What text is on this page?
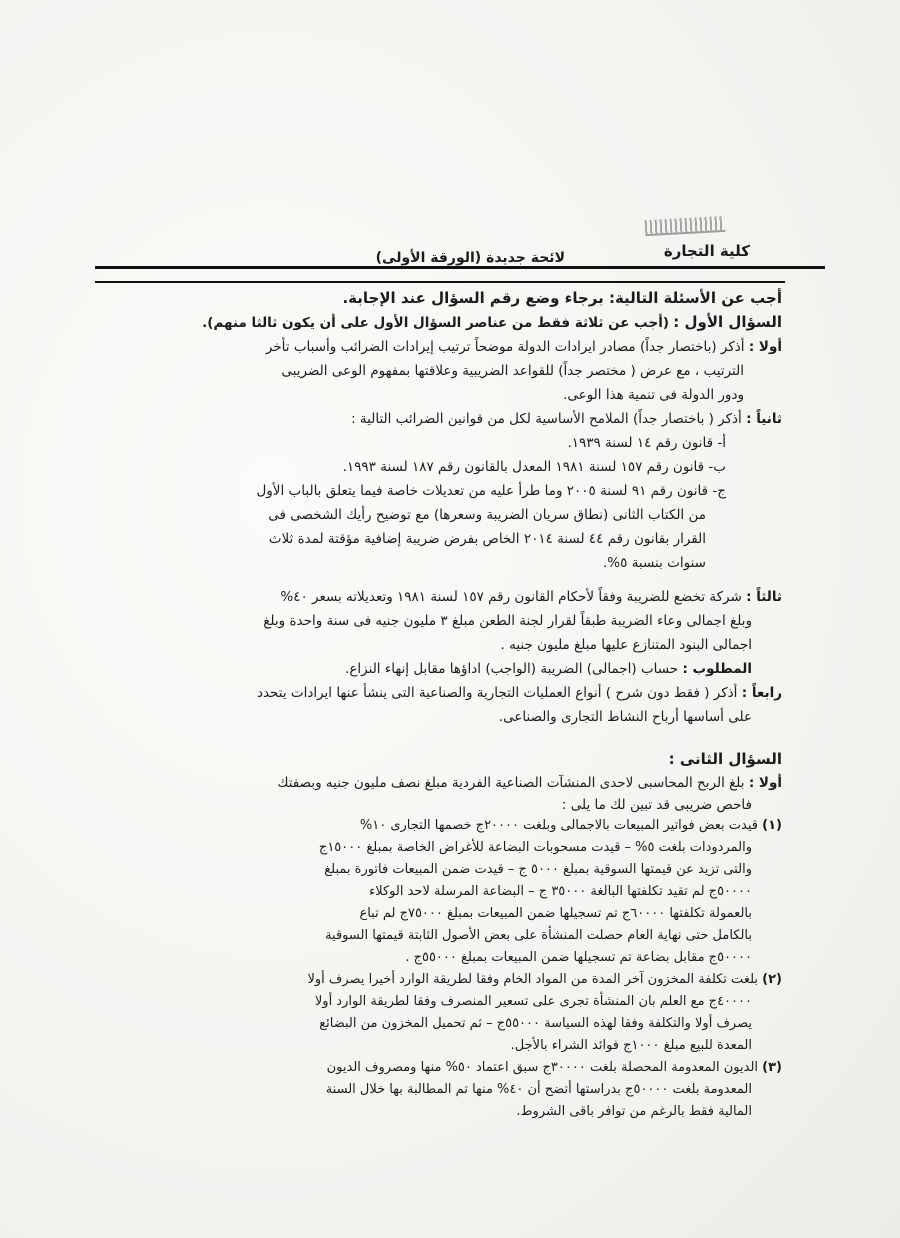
كلية التجارة
لائحة جديدة (الورقة الأولى)

أجب عن الأسئلة التالية: برجاء وضع رقم السؤال عند الإجابة.

السؤال الأول : (أجب عن ثلاثة فقط من عناصر السؤال الأول على أن يكون ثالثا منهم).

أولا : أذكر (باختصار جداً) مصادر ايرادات الدولة موضحاً ترتيب إيرادات الضرائب وأسباب تأخر

الترتيب ، مع عرض ( مختصر جداً) للقواعد الضريبية وعلاقتها بمفهوم الوعى الضريبى

ودور الدولة فى تنمية هذا الوعى.

ثانياً : أذكر ( باختصار جداً) الملامح الأساسية لكل من قوانين الضرائب التالية :

أ- قانون رقم ١٤ لسنة ١٩٣٩.

ب- قانون رقم ١٥٧ لسنة ١٩٨١ المعدل بالقانون رقم ١٨٧ لسنة ١٩٩٣.

ج- قانون رقم ٩١ لسنة ٢٠٠٥ وما طرأ عليه من تعديلات خاصة فيما يتعلق بالباب الأول

من الكتاب الثانى (نطاق سريان الضريبة وسعرها) مع توضيح رأيك الشخصى فى

القرار بقانون رقم ٤٤ لسنة ٢٠١٤ الخاص بفرض ضريبة إضافية مؤقتة لمدة ثلاث

سنوات بنسبة ٥%.

ثالثاً : شركة تخضع للضريبة وفقاً لأحكام القانون رقم ١٥٧ لسنة ١٩٨١ وتعديلاته بسعر ٤٠%

وبلغ اجمالى وعاء الضريبة طبقاً لقرار لجنة الطعن مبلغ ٣ مليون جنيه فى سنة واحدة وبلغ

اجمالى البنود المتنازع عليها مبلغ مليون جنيه .

المطلوب : حساب (اجمالى) الضريبة (الواجب) اداؤها مقابل إنهاء النزاع.

رابعاً : أذكر ( فقط دون شرح ) أنواع العمليات التجارية والصناعية التى ينشأ عنها ايرادات يتحدد

على أساسها أرباح النشاط التجارى والصناعى.

السؤال الثانى :

أولا : بلغ الربح المحاسبى لاحدى المنشآت الصناعية الفردية مبلغ نصف مليون جنيه وبصفتك

فاحص ضريبى قد تبين لك ما يلى :

(١) قيدت بعض فواتير المبيعات بالاجمالى وبلغت ٢٠٠٠٠ج خصمها التجارى ١٠%

والمردودات بلغت ٥% – قيدت مسحوبات البضاعة للأغراض الخاصة بمبلغ ١٥٠٠٠ج

والتى تزيد عن قيمتها السوقية بمبلغ ٥٠٠٠ ج – قيدت ضمن المبيعات فاتورة بمبلغ

٥٠٠٠٠ج لم تقيد تكلفتها البالغة ٣٥٠٠٠ ج – البضاعة المرسلة لاحد الوكلاء

بالعمولة تكلفتها ٦٠٠٠٠ج تم تسجيلها ضمن المبيعات بمبلغ ٧٥٠٠٠ج لم تباع

بالكامل حتى نهاية العام حصلت المنشأة على بعض الأصول الثابتة قيمتها السوقية

٥٠٠٠٠ج مقابل بضاعة تم تسجيلها ضمن المبيعات بمبلغ ٥٥٠٠٠ج .

(٢) بلغت تكلفة المخزون آخر المدة من المواد الخام وفقا لطريقة الوارد أخيرا يصرف أولا

٤٠٠٠٠ج مع العلم بان المنشأة تجرى على تسعير المنصرف وفقا لطريقة الوارد أولا

يصرف أولا والتكلفة وفقا لهذه السياسة ٥٥٠٠٠ج – ثم تحميل المخزون من البضائع

المعدة للبيع مبلغ ١٠٠٠ج فوائد الشراء بالأجل.

(٣) الديون المعدومة المحصلة بلغت ٣٠٠٠٠ج سبق اعتماد ٥٠% منها ومصروف الديون

المعدومة بلغت ٥٠٠٠٠ج بدراستها أتضح أن ٤٠% منها تم المطالبة بها خلال السنة

المالية فقط بالرغم من توافر باقى الشروط.
